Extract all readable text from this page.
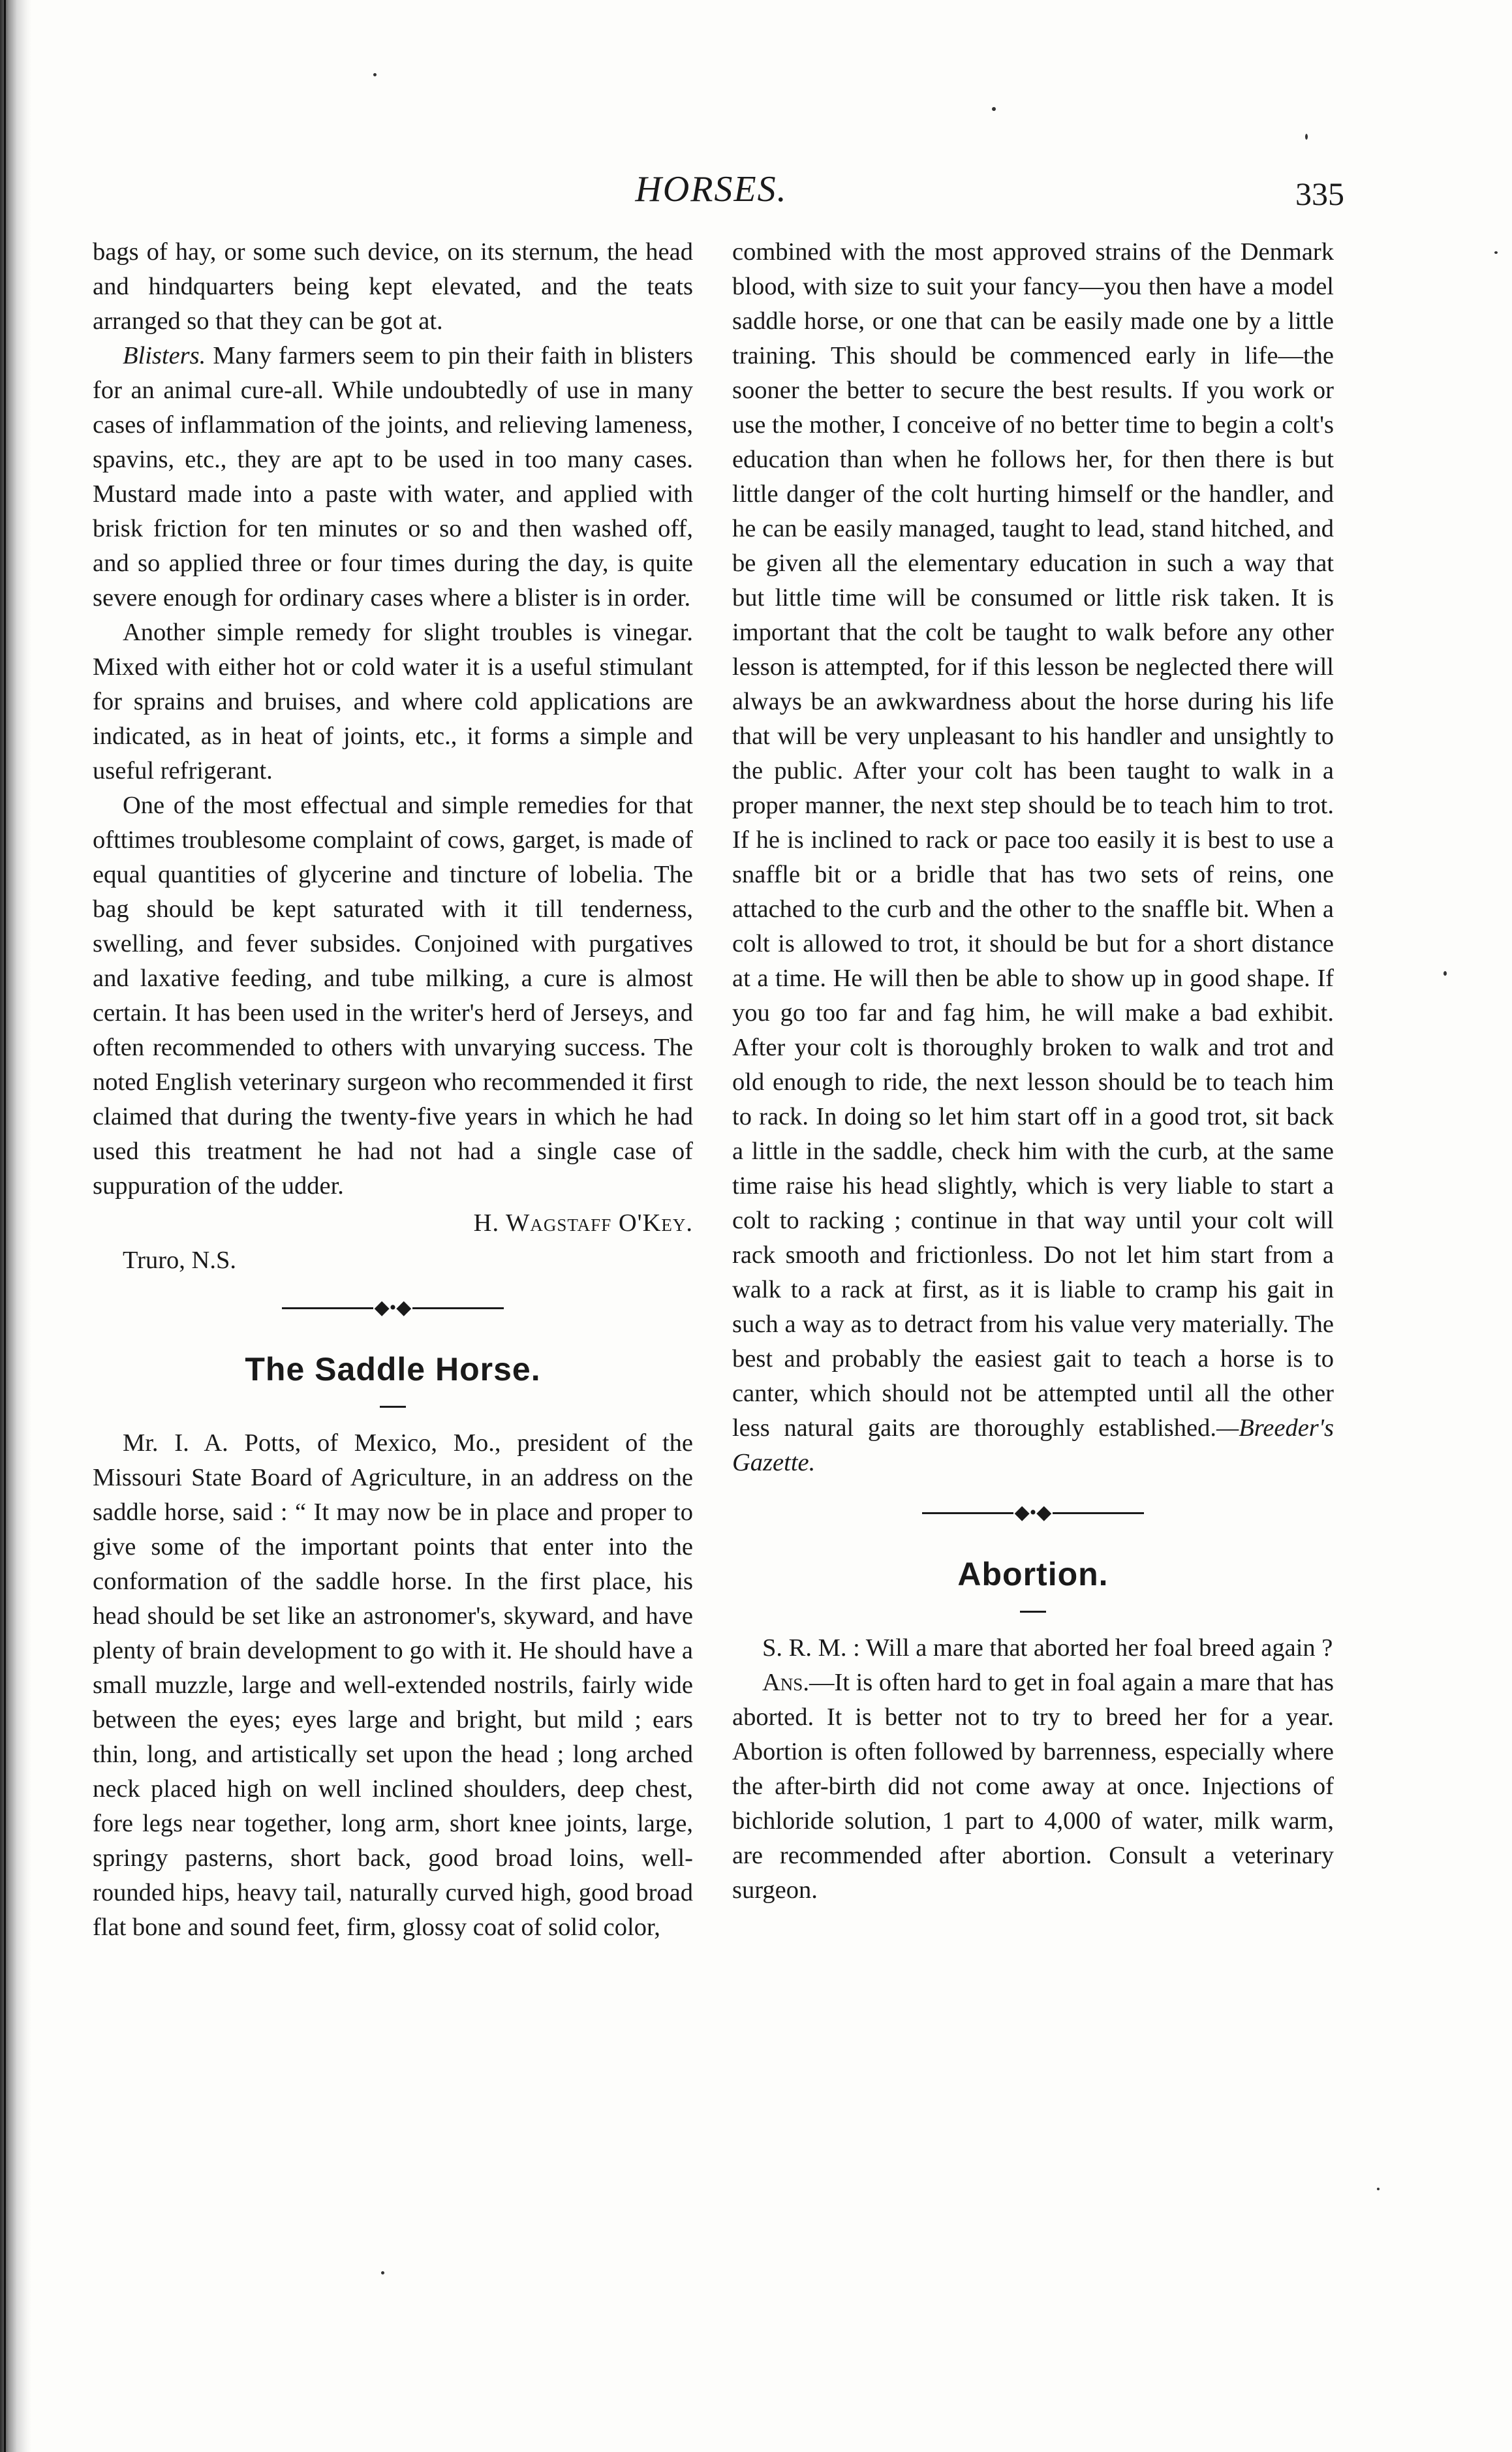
HORSES.	335

bags of hay, or some such device, on its sternum, the head and hindquarters being kept elevated, and the teats arranged so that they can be got at.

Blisters. Many farmers seem to pin their faith in blisters for an animal cure-all. While undoubtedly of use in many cases of inflammation of the joints, and relieving lameness, spavins, etc., they are apt to be used in too many cases. Mustard made into a paste with water, and applied with brisk friction for ten minutes or so and then washed off, and so applied three or four times during the day, is quite severe enough for ordinary cases where a blister is in order.

Another simple remedy for slight troubles is vinegar. Mixed with either hot or cold water it is a useful stimulant for sprains and bruises, and where cold applications are indicated, as in heat of joints, etc., it forms a simple and useful refrigerant.

One of the most effectual and simple remedies for that ofttimes troublesome complaint of cows, garget, is made of equal quantities of glycerine and tincture of lobelia. The bag should be kept saturated with it till tenderness, swelling, and fever subsides. Conjoined with purgatives and laxative feeding, and tube milking, a cure is almost certain. It has been used in the writer's herd of Jerseys, and often recommended to others with unvarying success. The noted English veterinary surgeon who recommended it first claimed that during the twenty-five years in which he had used this treatment he had not had a single case of suppuration of the udder.

H. Wagstaff O'Key.
Truro, N.S.
◆•◆
The Saddle Horse.

Mr. I. A. Potts, of Mexico, Mo., president of the Missouri State Board of Agriculture, in an address on the saddle horse, said : “ It may now be in place and proper to give some of the important points that enter into the conformation of the saddle horse. In the first place, his head should be set like an astronomer's, skyward, and have plenty of brain development to go with it. He should have a small muzzle, large and well-extended nostrils, fairly wide between the eyes; eyes large and bright, but mild ; ears thin, long, and artistically set upon the head ; long arched neck placed high on well inclined shoulders, deep chest, fore legs near together, long arm, short knee joints, large, springy pasterns, short back, good broad loins, well-rounded hips, heavy tail, naturally curved high, good broad flat bone and sound feet, firm, glossy coat of solid color,

combined with the most approved strains of the Denmark blood, with size to suit your fancy—you then have a model saddle horse, or one that can be easily made one by a little training. This should be commenced early in life—the sooner the better to secure the best results. If you work or use the mother, I conceive of no better time to begin a colt's education than when he follows her, for then there is but little danger of the colt hurting himself or the handler, and he can be easily managed, taught to lead, stand hitched, and be given all the elementary education in such a way that but little time will be consumed or little risk taken. It is important that the colt be taught to walk before any other lesson is attempted, for if this lesson be neglected there will always be an awkwardness about the horse during his life that will be very unpleasant to his handler and unsightly to the public. After your colt has been taught to walk in a proper manner, the next step should be to teach him to trot. If he is inclined to rack or pace too easily it is best to use a snaffle bit or a bridle that has two sets of reins, one attached to the curb and the other to the snaffle bit. When a colt is allowed to trot, it should be but for a short distance at a time. He will then be able to show up in good shape. If you go too far and fag him, he will make a bad exhibit. After your colt is thoroughly broken to walk and trot and old enough to ride, the next lesson should be to teach him to rack. In doing so let him start off in a good trot, sit back a little in the saddle, check him with the curb, at the same time raise his head slightly, which is very liable to start a colt to racking ; continue in that way until your colt will rack smooth and frictionless. Do not let him start from a walk to a rack at first, as it is liable to cramp his gait in such a way as to detract from his value very materially. The best and probably the easiest gait to teach a horse is to canter, which should not be attempted until all the other less natural gaits are thoroughly established.—Breeder's Gazette.

◆•◆
Abortion.

S. R. M. : Will a mare that aborted her foal breed again ?

Ans.—It is often hard to get in foal again a mare that has aborted. It is better not to try to breed her for a year. Abortion is often followed by barrenness, especially where the after-birth did not come away at once. Injections of bichloride solution, 1 part to 4,000 of water, milk warm, are recommended after abortion. Consult a veterinary surgeon.
